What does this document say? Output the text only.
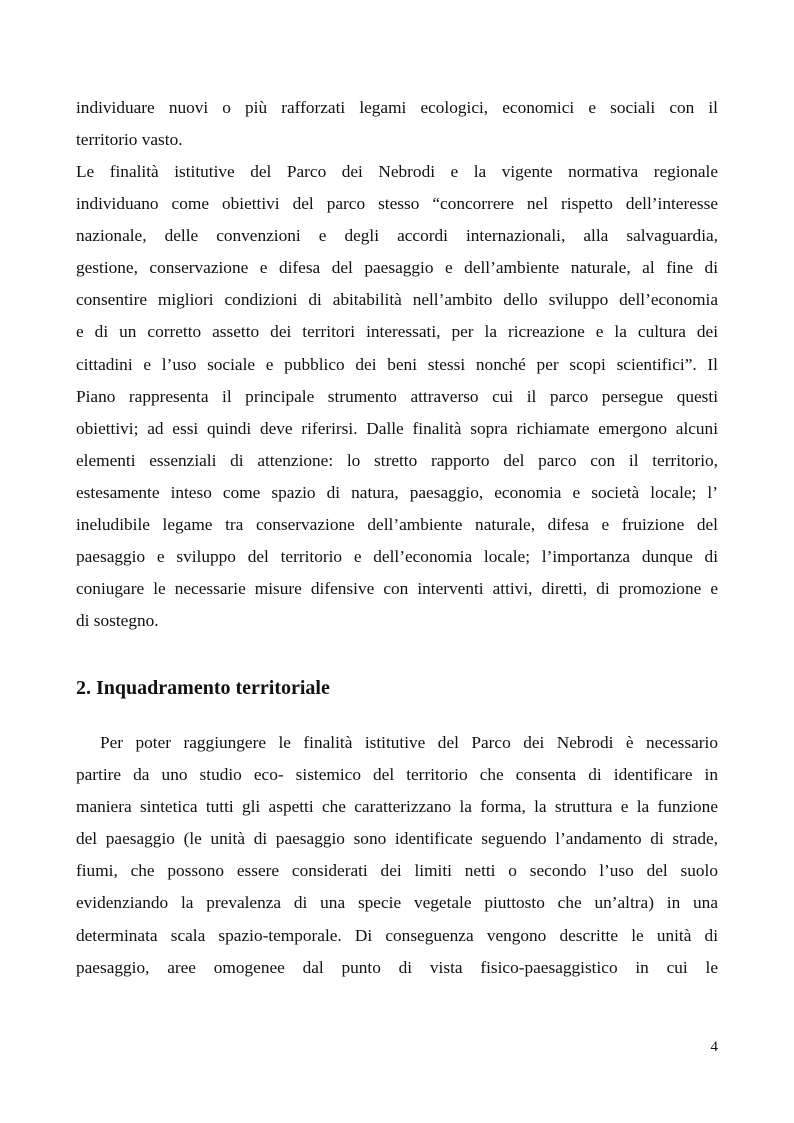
individuare nuovi o più rafforzati legami ecologici, economici e sociali con il
territorio vasto.
Le finalità istitutive del Parco dei Nebrodi e la vigente normativa regionale
individuano come obiettivi del parco stesso “concorrere nel rispetto dell’interesse
nazionale, delle convenzioni e degli accordi internazionali, alla salvaguardia,
gestione, conservazione e difesa del paesaggio e dell’ambiente naturale, al fine di
consentire migliori condizioni di abitabilità nell’ambito dello sviluppo dell’economia
e di un corretto assetto dei territori interessati, per la ricreazione e la cultura dei
cittadini e l’uso sociale e pubblico dei beni stessi nonché per scopi scientifici”. Il
Piano rappresenta il principale strumento attraverso cui il parco persegue questi
obiettivi; ad essi quindi deve riferirsi. Dalle finalità sopra richiamate emergono alcuni
elementi essenziali di attenzione: lo stretto rapporto del parco con il territorio,
estesamente inteso come spazio di natura, paesaggio, economia e società locale; l’
ineludibile legame tra conservazione dell’ambiente naturale, difesa e fruizione del
paesaggio e sviluppo del territorio e dell’economia locale; l’importanza dunque di
coniugare le necessarie misure difensive con interventi attivi, diretti, di promozione e
di sostegno.
2. Inquadramento territoriale
Per poter raggiungere le finalità istitutive del Parco dei Nebrodi è necessario
partire da uno studio eco- sistemico del territorio che consenta di identificare in
maniera sintetica tutti gli aspetti che caratterizzano la forma, la struttura e la funzione
del paesaggio (le unità di paesaggio sono identificate seguendo l’andamento di strade,
fiumi, che possono essere considerati dei limiti netti o secondo l’uso del suolo
evidenziando la prevalenza di una specie vegetale piuttosto che un’altra) in una
determinata scala spazio-temporale. Di conseguenza vengono descritte le unità di
paesaggio, aree omogenee dal punto di vista fisico-paesaggistico in cui le
4
